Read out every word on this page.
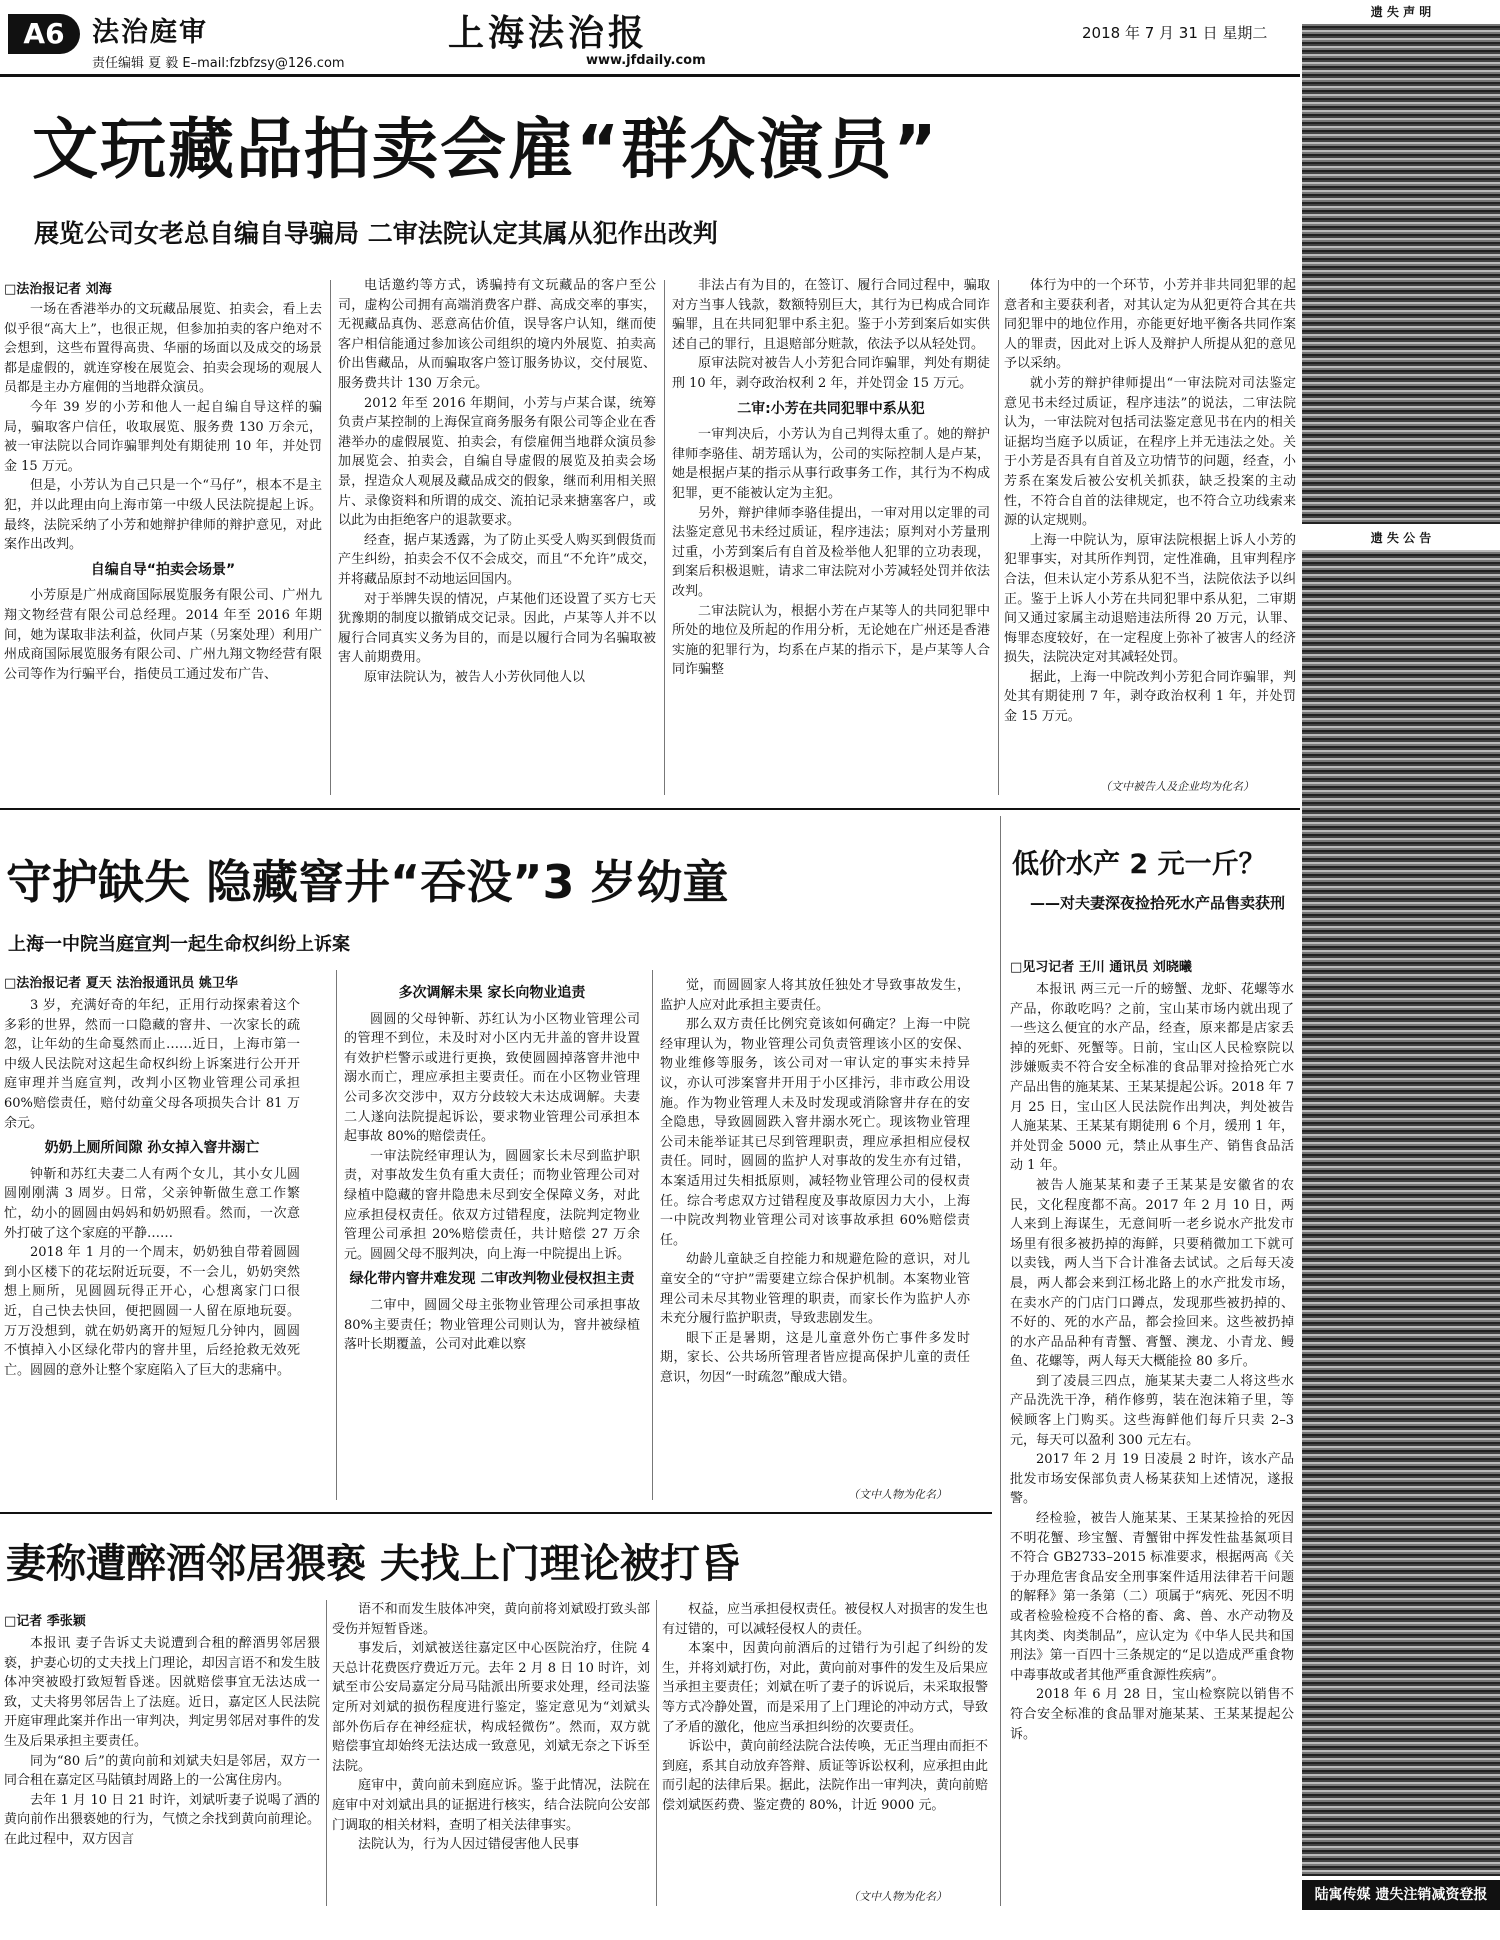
A6	法治庭审
责任编辑 夏 毅 E–mail:fzbfzsy@126.com
上海法治报
www.jfdaily.com
2018 年 7 月 31 日 星期二
文玩藏品拍卖会雇“群众演员”
展览公司女老总自编自导骗局 二审法院认定其属从犯作出改判
□法治报记者 刘海

一场在香港举办的文玩藏品展览、拍卖会，看上去似乎很“高大上”，也很正规，但参加拍卖的客户绝对不会想到，这些布置得高贵、华丽的场面以及成交的场景都是虚假的，就连穿梭在展览会、拍卖会现场的观展人员都是主办方雇佣的当地群众演员。

今年 39 岁的小芳和他人一起自编自导这样的骗局，骗取客户信任，收取展览、服务费 130 万余元，被一审法院以合同诈骗罪判处有期徒刑 10 年，并处罚金 15 万元。

但是，小芳认为自己只是一个“马仔”，根本不是主犯，并以此理由向上海市第一中级人民法院提起上诉。最终，法院采纳了小芳和她辩护律师的辩护意见，对此案作出改判。

自编自导“拍卖会场景”

小芳原是广州成商国际展览服务有限公司、广州九翔文物经营有限公司总经理。2014 年至 2016 年期间，她为谋取非法利益，伙同卢某（另案处理）利用广州成商国际展览服务有限公司、广州九翔文物经营有限公司等作为行骗平台，指使员工通过发布广告、

电话邀约等方式，诱骗持有文玩藏品的客户至公司，虚构公司拥有高端消费客户群、高成交率的事实，无视藏品真伪、恶意高估价值，误导客户认知，继而使客户相信能通过参加该公司组织的境内外展览、拍卖高价出售藏品，从而骗取客户签订服务协议，交付展览、服务费共计 130 万余元。

2012 年至 2016 年期间，小芳与卢某合谋，统筹负责卢某控制的上海保宣商务服务有限公司等企业在香港举办的虚假展览、拍卖会，有偿雇佣当地群众演员参加展览会、拍卖会，自编自导虚假的展览及拍卖会场景，捏造众人观展及藏品成交的假象，继而利用相关照片、录像资料和所谓的成交、流拍记录来搪塞客户，或以此为由拒绝客户的退款要求。

经查，据卢某透露，为了防止买受人购买到假货而产生纠纷，拍卖会不仅不会成交，而且“不允许”成交，并将藏品原封不动地运回国内。

对于举牌失误的情况，卢某他们还设置了买方七天犹豫期的制度以撤销成交记录。因此，卢某等人并不以履行合同真实义务为目的，而是以履行合同为名骗取被害人前期费用。

原审法院认为，被告人小芳伙同他人以

非法占有为目的，在签订、履行合同过程中，骗取对方当事人钱款，数额特别巨大，其行为已构成合同诈骗罪，且在共同犯罪中系主犯。鉴于小芳到案后如实供述自己的罪行，且退赔部分赃款，依法予以从轻处罚。

原审法院对被告人小芳犯合同诈骗罪，判处有期徒刑 10 年，剥夺政治权利 2 年，并处罚金 15 万元。

二审:小芳在共同犯罪中系从犯

一审判决后，小芳认为自己判得太重了。她的辩护律师李骆佳、胡芳瑶认为，公司的实际控制人是卢某，她是根据卢某的指示从事行政事务工作，其行为不构成犯罪，更不能被认定为主犯。

另外，辩护律师李骆佳提出，一审对用以定罪的司法鉴定意见书未经过质证，程序违法；原判对小芳量刑过重，小芳到案后有自首及检举他人犯罪的立功表现，到案后积极退赃，请求二审法院对小芳减轻处罚并依法改判。

二审法院认为，根据小芳在卢某等人的共同犯罪中所处的地位及所起的作用分析，无论她在广州还是香港实施的犯罪行为，均系在卢某的指示下，是卢某等人合同诈骗整

体行为中的一个环节，小芳并非共同犯罪的起意者和主要获利者，对其认定为从犯更符合其在共同犯罪中的地位作用，亦能更好地平衡各共同作案人的罪责，因此对上诉人及辩护人所提从犯的意见予以采纳。

就小芳的辩护律师提出“一审法院对司法鉴定意见书未经过质证，程序违法”的说法，二审法院认为，一审法院对包括司法鉴定意见书在内的相关证据均当庭予以质证，在程序上并无违法之处。关于小芳是否具有自首及立功情节的问题，经查，小芳系在案发后被公安机关抓获，缺乏投案的主动性，不符合自首的法律规定，也不符合立功线索来源的认定规则。

上海一中院认为，原审法院根据上诉人小芳的犯罪事实，对其所作判罚，定性准确，且审判程序合法，但未认定小芳系从犯不当，法院依法予以纠正。鉴于上诉人小芳在共同犯罪中系从犯，二审期间又通过家属主动退赔违法所得 20 万元，认罪、悔罪态度较好，在一定程度上弥补了被害人的经济损失，法院决定对其减轻处罚。

据此，上海一中院改判小芳犯合同诈骗罪，判处其有期徒刑 7 年，剥夺政治权利 1 年，并处罚金 15 万元。

（文中被告人及企业均为化名）
守护缺失 隐藏窨井“吞没”3 岁幼童
上海一中院当庭宣判一起生命权纠纷上诉案
□法治报记者 夏天 法治报通讯员 姚卫华

3 岁，充满好奇的年纪，正用行动探索着这个多彩的世界，然而一口隐藏的窨井、一次家长的疏忽，让年幼的生命戛然而止……近日，上海市第一中级人民法院对这起生命权纠纷上诉案进行公开开庭审理并当庭宣判，改判小区物业管理公司承担 60%赔偿责任，赔付幼童父母各项损失合计 81 万余元。

奶奶上厕所间隙 孙女掉入窨井溺亡

钟靳和苏红夫妻二人有两个女儿，其小女儿圆圆刚刚满 3 周岁。日常，父亲钟靳做生意工作繁忙，幼小的圆圆由妈妈和奶奶照看。然而，一次意外打破了这个家庭的平静……

2018 年 1 月的一个周末，奶奶独自带着圆圆到小区楼下的花坛附近玩耍，不一会儿，奶奶突然想上厕所，见圆圆玩得正开心，心想离家门口很近，自己快去快回，便把圆圆一人留在原地玩耍。万万没想到，就在奶奶离开的短短几分钟内，圆圆不慎掉入小区绿化带内的窨井里，后经抢救无效死亡。圆圆的意外让整个家庭陷入了巨大的悲痛中。

多次调解未果 家长向物业追责

圆圆的父母钟靳、苏红认为小区物业管理公司的管理不到位，未及时对小区内无井盖的窨井设置有效护栏警示或进行更换，致使圆圆掉落窨井池中溺水而亡，理应承担主要责任。而在小区物业管理公司多次交涉中，双方分歧较大未达成调解。夫妻二人遂向法院提起诉讼，要求物业管理公司承担本起事故 80%的赔偿责任。

一审法院经审理认为，圆圆家长未尽到监护职责，对事故发生负有重大责任；而物业管理公司对绿植中隐藏的窨井隐患未尽到安全保障义务，对此应承担侵权责任。依双方过错程度，法院判定物业管理公司承担 20%赔偿责任，共计赔偿 27 万余元。圆圆父母不服判决，向上海一中院提出上诉。

绿化带内窨井难发现 二审改判物业侵权担主责

二审中，圆圆父母主张物业管理公司承担事故 80%主要责任；物业管理公司则认为，窨井被绿植落叶长期覆盖，公司对此难以察

觉，而圆圆家人将其放任独处才导致事故发生，监护人应对此承担主要责任。

那么双方责任比例究竟该如何确定？上海一中院经审理认为，物业管理公司负责管理该小区的安保、物业维修等服务，该公司对一审认定的事实未持异议，亦认可涉案窨井开用于小区排污，非市政公用设施。作为物业管理人未及时发现或消除窨井存在的安全隐患，导致圆圆跌入窨井溺水死亡。现该物业管理公司未能举证其已尽到管理职责，理应承担相应侵权责任。同时，圆圆的监护人对事故的发生亦有过错，本案适用过失相抵原则，减轻物业管理公司的侵权责任。综合考虑双方过错程度及事故原因力大小，上海一中院改判物业管理公司对该事故承担 60%赔偿责任。

幼龄儿童缺乏自控能力和规避危险的意识，对儿童安全的“守护”需要建立综合保护机制。本案物业管理公司未尽其物业管理的职责，而家长作为监护人亦未充分履行监护职责，导致悲剧发生。

眼下正是暑期，这是儿童意外伤亡事件多发时期，家长、公共场所管理者皆应提高保护儿童的责任意识，勿因“一时疏忽”酿成大错。

（文中人物为化名）
低价水产 2 元一斤？
——对夫妻深夜捡拾死水产品售卖获刑
□见习记者 王川 通讯员 刘晓曦

本报讯 两三元一斤的螃蟹、龙虾、花螺等水产品，你敢吃吗？之前，宝山某市场内就出现了一些这么便宜的水产品，经查，原来都是店家丢掉的死虾、死蟹等。日前，宝山区人民检察院以涉嫌贩卖不符合安全标准的食品罪对捡拾死亡水产品出售的施某某、王某某提起公诉。2018 年 7 月 25 日，宝山区人民法院作出判决，判处被告人施某某、王某某有期徒刑 6 个月，缓刑 1 年，并处罚金 5000 元，禁止从事生产、销售食品活动 1 年。

被告人施某某和妻子王某某是安徽省的农民，文化程度都不高。2017 年 2 月 10 日，两人来到上海谋生，无意间听一老乡说水产批发市场里有很多被扔掉的海鲜，只要稍微加工下就可以卖钱，两人当下合计准备去试试。之后每天凌晨，两人都会来到江杨北路上的水产批发市场，在卖水产的门店门口蹲点，发现那些被扔掉的、不好的、死的水产品，都会捡回来。这些被扔掉的水产品品种有青蟹、膏蟹、澳龙、小青龙、鳗鱼、花螺等，两人每天大概能捡 80 多斤。

到了凌晨三四点，施某某夫妻二人将这些水产品洗洗干净，稍作修剪，装在泡沫箱子里，等候顾客上门购买。这些海鲜他们每斤只卖 2–3 元，每天可以盈利 300 元左右。

2017 年 2 月 19 日凌晨 2 时许，该水产品批发市场安保部负责人杨某获知上述情况，遂报警。

经检验，被告人施某某、王某某捡拾的死因不明花蟹、珍宝蟹、青蟹钳中挥发性盐基氮项目不符合 GB2733–2015 标准要求，根据两高《关于办理危害食品安全刑事案件适用法律若干问题的解释》第一条第（二）项属于“病死、死因不明或者检验检疫不合格的畜、禽、兽、水产动物及其肉类、肉类制品”，应认定为《中华人民共和国刑法》第一百四十三条规定的“足以造成严重食物中毒事故或者其他严重食源性疾病”。

2018 年 6 月 28 日，宝山检察院以销售不符合安全标准的食品罪对施某某、王某某提起公诉。

妻称遭醉酒邻居猥亵 夫找上门理论被打昏
□记者 季张颖

本报讯 妻子告诉丈夫说遭到合租的醉酒男邻居猥亵，护妻心切的丈夫找上门理论，却因言语不和发生肢体冲突被殴打致短暂昏迷。因就赔偿事宜无法达成一致，丈夫将男邻居告上了法庭。近日，嘉定区人民法院开庭审理此案并作出一审判决，判定男邻居对事件的发生及后果承担主要责任。

同为“80 后”的黄向前和刘斌夫妇是邻居，双方一同合租在嘉定区马陆镇封周路上的一公寓住房内。

去年 1 月 10 日 21 时许，刘斌听妻子说喝了酒的黄向前作出猥亵她的行为，气愤之余找到黄向前理论。在此过程中，双方因言

语不和而发生肢体冲突，黄向前将刘斌殴打致头部受伤并短暂昏迷。

事发后，刘斌被送往嘉定区中心医院治疗，住院 4 天总计花费医疗费近万元。去年 2 月 8 日 10 时许，刘斌至市公安局嘉定分局马陆派出所要求处理，经司法鉴定所对刘斌的损伤程度进行鉴定，鉴定意见为“刘斌头部外伤后存在神经症状，构成轻微伤”。然而，双方就赔偿事宜却始终无法达成一致意见，刘斌无奈之下诉至法院。

庭审中，黄向前未到庭应诉。鉴于此情况，法院在庭审中对刘斌出具的证据进行核实，结合法院向公安部门调取的相关材料，查明了相关法律事实。

法院认为，行为人因过错侵害他人民事

权益，应当承担侵权责任。被侵权人对损害的发生也有过错的，可以减轻侵权人的责任。

本案中，因黄向前酒后的过错行为引起了纠纷的发生，并将刘斌打伤，对此，黄向前对事件的发生及后果应当承担主要责任；刘斌在听了妻子的诉说后，未采取报警等方式冷静处置，而是采用了上门理论的冲动方式，导致了矛盾的激化，他应当承担纠纷的次要责任。

诉讼中，黄向前经法院合法传唤，无正当理由而拒不到庭，系其自动放弃答辩、质证等诉讼权利，应承担由此而引起的法律后果。据此，法院作出一审判决，黄向前赔偿刘斌医药费、鉴定费的 80%，计近 9000 元。

（文中人物为化名）
遗 失 声 明
遗 失 公 告
陆寓传媒 遗失注销减资登报 021-59741361
